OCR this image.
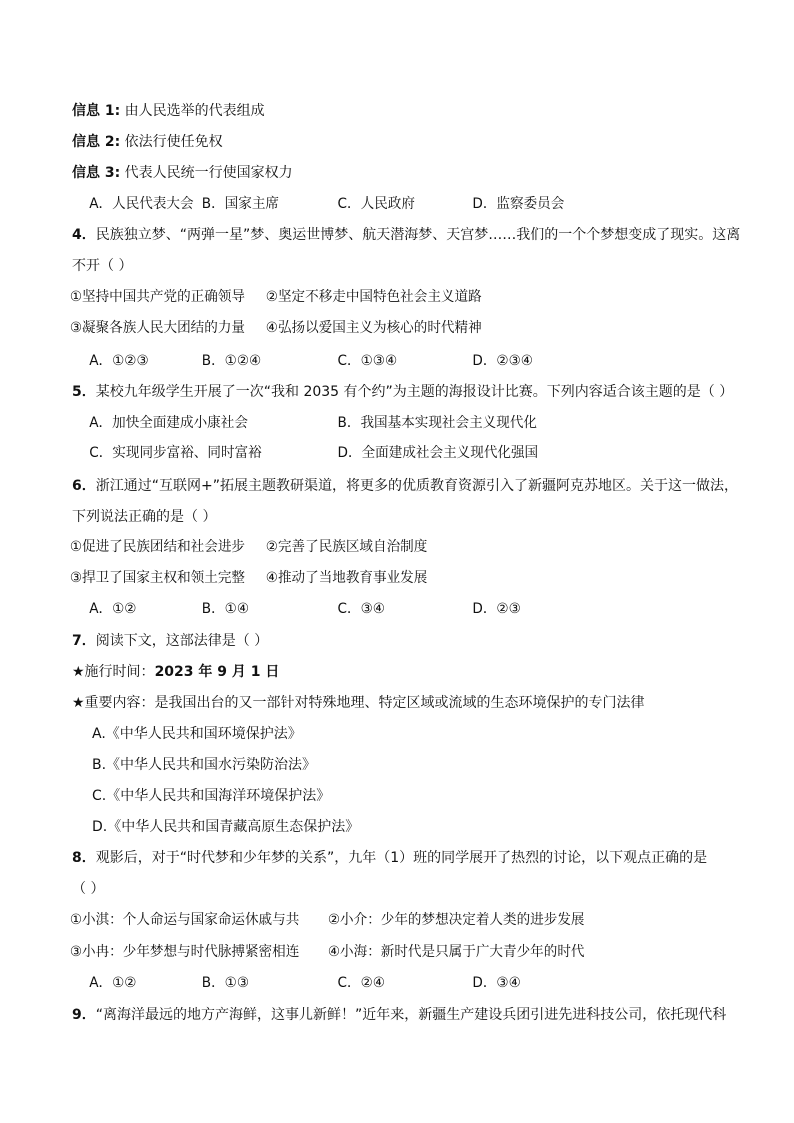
信息 1: 由人民选举的代表组成
信息 2: 依法行使任免权
信息 3: 代表人民统一行使国家权力
A．人民代表大会 B．国家主席	C．人民政府	D．监察委员会
4．民族独立梦、“两弹一星”梦、奥运世博梦、航天潜海梦、天宫梦……我们的一个个梦想变成了现实。这离
不开（ ）
①坚持中国共产党的正确领导 ②坚定不移走中国特色社会主义道路
③凝聚各族人民大团结的力量 ④弘扬以爱国主义为核心的时代精神
A．①②③	B．①②④	C．①③④	D．②③④
5．某校九年级学生开展了一次“我和 2035 有个约”为主题的海报设计比赛。下列内容适合该主题的是（ ）
A．加快全面建成小康社会	B．我国基本实现社会主义现代化
C．实现同步富裕、同时富裕	D．全面建成社会主义现代化强国
6．浙江通过“互联网+”拓展主题教研渠道，将更多的优质教育资源引入了新疆阿克苏地区。关于这一做法，
下列说法正确的是（ ）
①促进了民族团结和社会进步 ②完善了民族区域自治制度
③捍卫了国家主权和领土完整 ④推动了当地教育事业发展
A．①②	B．①④	C．③④	D．②③
7．阅读下文，这部法律是（ ）
★施行时间：2023 年 9 月 1 日
★重要内容：是我国出台的又一部针对特殊地理、特定区域或流域的生态环境保护的专门法律
A.《中华人民共和国环境保护法》
B.《中华人民共和国水污染防治法》
C.《中华人民共和国海洋环境保护法》
D.《中华人民共和国青藏高原生态保护法》
8．观影后，对于“时代梦和少年梦的关系”，九年（1）班的同学展开了热烈的讨论，以下观点正确的是
（ ）
①小淇：个人命运与国家命运休戚与共 ②小介：少年的梦想决定着人类的进步发展
③小冉：少年梦想与时代脉搏紧密相连 ④小海：新时代是只属于广大青少年的时代
A．①②	B．①③	C．②④	D．③④
9．“离海洋最远的地方产海鲜，这事儿新鲜！”近年来，新疆生产建设兵团引进先进科技公司，依托现代科
